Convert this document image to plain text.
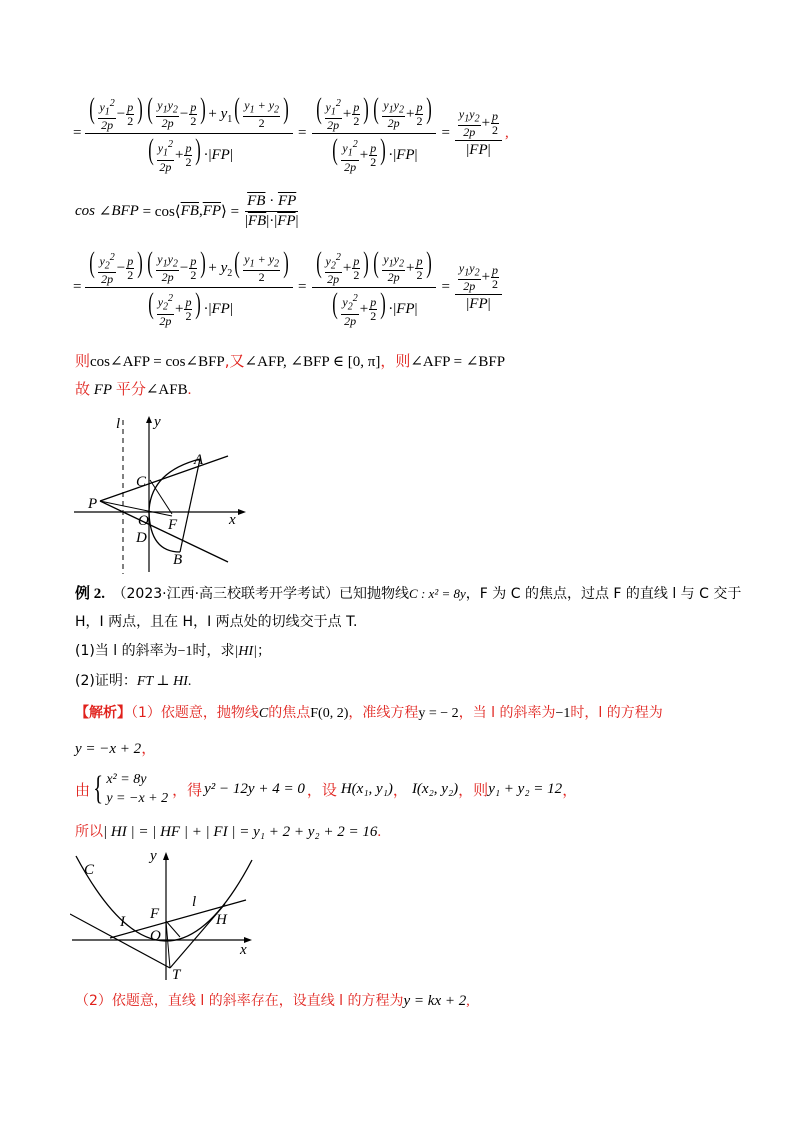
= $\frac{( \frac{y_1^2}{2p} - \frac{p}{2} ) ( \frac{y_1y_2}{2p} - \frac{p}{2} ) + y_1( \frac{y_1 + y_2}{2} )}{( \frac{y_1^2}{2p} + \frac{p}{2} ) \cdot|FP|} = \frac{( \frac{y_1^2}{2p} + \frac{p}{2} ) ( \frac{y_1y_2}{2p} + \frac{p}{2} )}{( \frac{y_1^2}{2p} + \frac{p}{2} ) \cdot|FP|} = \frac{\frac{y_1y_2}{2p} + \frac{p}{2}}{|FP|}$ ,
cos ∠ BFP = cos⟨ $\overline{FB}$ , $\overline{FP}$ ⟩ = $\frac{\overline{FB} \cdot \overline{FP}}{|\overline{FB}|\cdot|\overline{FP}|}$
= $\frac{( \frac{y_2^2}{2p} - \frac{p}{2} ) ( \frac{y_1y_2}{2p} - \frac{p}{2} ) + y_2( \frac{y_1 + y_2}{2} )}{( \frac{y_2^2}{2p} + \frac{p}{2} ) \cdot|FP|} = \frac{( \frac{y_2^2}{2p} + \frac{p}{2} ) ( \frac{y_1y_2}{2p} + \frac{p}{2} )}{( \frac{y_2^2}{2p} + \frac{p}{2} ) \cdot|FP|} = \frac{\frac{y_1y_2}{2p} + \frac{p}{2}}{|FP|}$
则cos∠AFP = cos∠BFP,又∠AFP, ∠BFP ∈ [0, π]，则∠AFP = ∠BFP
故 FP 平分∠AFB.
l y
A
C
P
O F	x
D
B
例 2. （2023·江西·高三校联考开学考试）已知抛物线C : x² = 8y，F 为 C 的焦点，过点 F 的直线 l 与 C 交于
H，I 两点，且在 H，I 两点处的切线交于点 T.
(1)当 l 的斜率为−1时，求|HI|；
(2)证明：FT ⊥ HI.
【解析】（1）依题意，抛物线C的焦点F(0, 2)，准线方程y = − 2，当 l 的斜率为−1时，l 的方程为
y = −x + 2，
由 { x² = 8y
y = −x + 2 ，得 y² − 12y + 4 = 0 ，设 H(x₁, y₁) ， I(x₂, y₂) ，则 y₁ + y₂ = 12 ，
所以| HI | = | HF | + | FI | = y₁ + 2 + y₂ + 2 = 16.
C
y
l
I F	H
O
x
T
（2）依题意，直线 l 的斜率存在，设直线 l 的方程为y = kx + 2,
